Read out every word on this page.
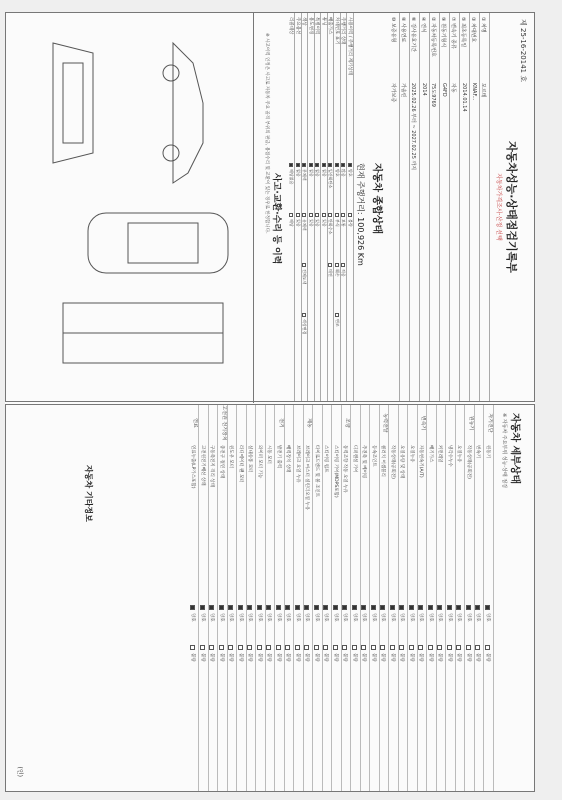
제 25-16-20141 호
자동차성능·상태점검기록부
자동차가격조사·산정 선택
① 차명
포르테
③ 차대번호
KNAF...
⑤ 최초등록일
2014.01.14
⑦ 변속기 종류
자동
⑨ 원동기형식
G4FD
② 자동차등록번호
75도9769
④ 연식
2014
⑥ 검사유효기간
2025.02.26 부터 ~ 2027.02.25 까지
⑧ 사용연료
가솔린
⑩ 보증유형
자가보증
자동차 종합상태
현재 주행거리: 100,926 Km
사용이력 / 주행거리 계기상태
양호
불량
주행거리 상태
많음
보통
적음
차대번호 표기
양호
부식
훼손
변조
배출가스
일산화탄소
탄화수소
매연
튜닝
없음
있음
특별이력
없음
있음
용도변경
없음
있음
색상
무채색
유채색
전체도색
색상변경
주요옵션
없음
있음
리콜대상
해당없음
해당
사고·교환·수리 등 이력
※ 사고이력 인정은 사고로 자동차 주요 골격 부위의 판금, 용접수리 및 교환이 있는 경우로 한정합니다.
자동차 세부상태
※ 자동차 주요부위 성능·상태 점검
자기진단
원동기
양호
불량
변속기
양호
불량
원동기
작동상태(공회전)
양호
불량
오일누유
양호
불량
냉각수누수
양호
불량
커먼레일
양호
불량
배기가스
양호
불량
변속기
자동변속기(A/T)
양호
불량
오일누유
양호
불량
오일유량 및 상태
양호
불량
작동상태(공회전)
양호
불량
동력전달
클러치 어셈블리
양호
불량
등속조인트
양호
불량
추진축 및 베어링
양호
불량
디퍼렌셜 기어
양호
불량
조향
동력조향 작동 오일 누유
양호
불량
스티어링 기어(MDPS포함)
양호
불량
스티어링 펌프
양호
불량
타이로드엔드 및 볼 조인트
양호
불량
제동
브레이크 마스터 실린더오일 누유
양호
불량
브레이크 오일 누유
양호
불량
배력장치 상태
양호
불량
전기
발전기 출력
양호
불량
시동 모터
양호
불량
와이퍼 모터 기능
양호
불량
실내송풍 모터
양호
불량
라디에이터 팬 모터
양호
불량
윈도우 모터
양호
불량
고전원 전기장치
충전구 절연 상태
양호
불량
구동축전지 격리 상태
양호
불량
고전원전기배선 상태
양호
불량
연료
연료누출(LP가스포함)
양호
불량
자동차 기타정보
(인)
